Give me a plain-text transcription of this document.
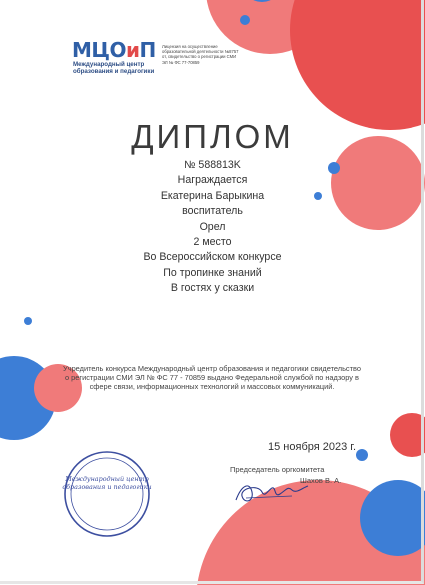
МЦОиП
Международный центр образования и педагогики
Лицензия на осуществление образовательной деятельности №8757 от, свидетельство о регистрации СМИ ЭЛ № ФС 77-70859
ДИПЛОМ
№ 588813K
Награждается
Екатерина Барыкина
воспитатель
Орел
2 место
Во Всероссийском конкурсе
По тропинке знаний
В гостях у сказки
Учредитель конкурса Международный центр образования и педагогики свидетельство о регистрации СМИ ЭЛ № ФС 77 - 70859 выдано Федеральной службой по надзору в сфере связи, информационных технологий и массовых коммуникаций.
15 ноября 2023 г.
Председатель оргкомитета
Шахов В. А.
Международный центр образования и педагогики
